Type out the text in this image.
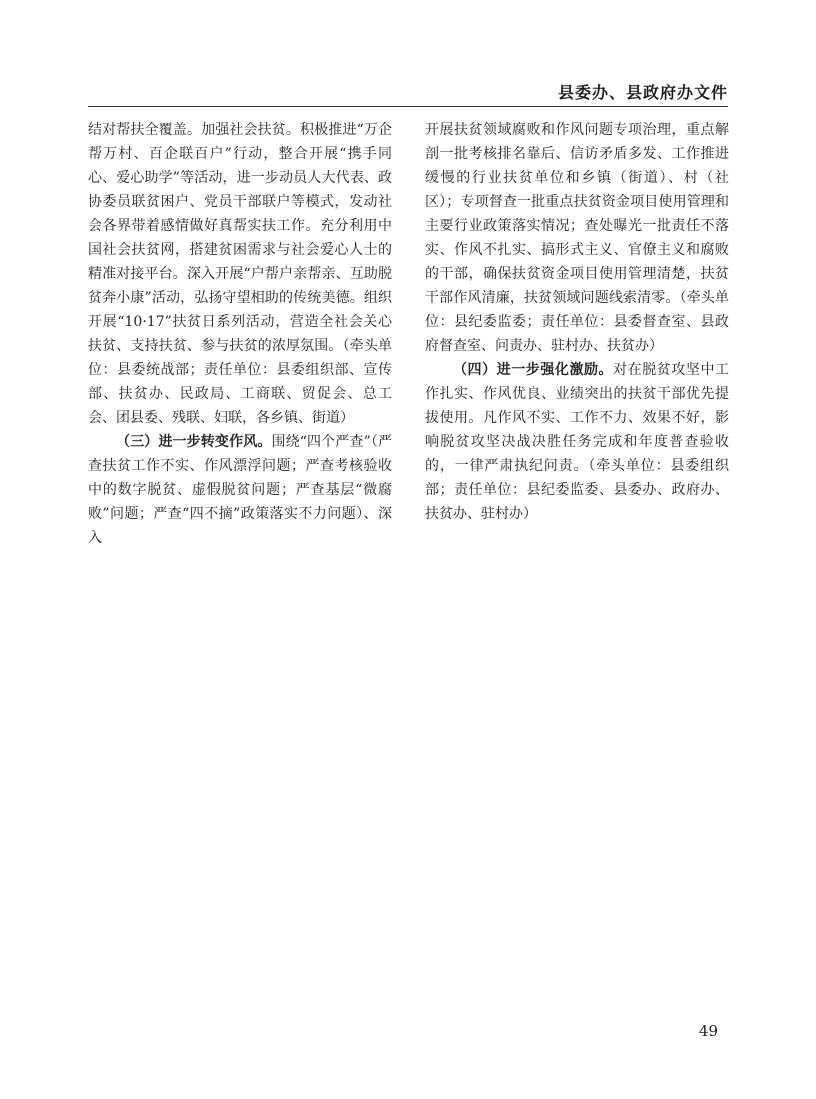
县委办、县政府办文件

结对帮扶全覆盖。加强社会扶贫。积极推进“万企帮万村、百企联百户”行动，整合开展“携手同心、爱心助学”等活动，进一步动员人大代表、政协委员联贫困户、党员干部联户等模式，发动社会各界带着感情做好真帮实扶工作。充分利用中国社会扶贫网，搭建贫困需求与社会爱心人士的精准对接平台。深入开展“户帮户亲帮亲、互助脱贫奔小康”活动，弘扬守望相助的传统美德。组织开展“10·17”扶贫日系列活动，营造全社会关心扶贫、支持扶贫、参与扶贫的浓厚氛围。（牵头单位：县委统战部；责任单位：县委组织部、宣传部、扶贫办、民政局、工商联、贸促会、总工会、团县委、残联、妇联，各乡镇、街道）

（三）进一步转变作风。围绕“四个严查”（严查扶贫工作不实、作风漂浮问题；严查考核验收中的数字脱贫、虚假脱贫问题；严查基层“微腐败”问题；严查“四不摘”政策落实不力问题）、深入

开展扶贫领域腐败和作风问题专项治理，重点解剖一批考核排名靠后、信访矛盾多发、工作推进缓慢的行业扶贫单位和乡镇（街道）、村（社区）；专项督查一批重点扶贫资金项目使用管理和主要行业政策落实情况；查处曝光一批责任不落实、作风不扎实、搞形式主义、官僚主义和腐败的干部，确保扶贫资金项目使用管理清楚，扶贫干部作风清廉，扶贫领域问题线索清零。（牵头单位：县纪委监委；责任单位：县委督查室、县政府督查室、问责办、驻村办、扶贫办）

（四）进一步强化激励。对在脱贫攻坚中工作扎实、作风优良、业绩突出的扶贫干部优先提拔使用。凡作风不实、工作不力、效果不好，影响脱贫攻坚决战决胜任务完成和年度普查验收的，一律严肃执纪问责。（牵头单位：县委组织部；责任单位：县纪委监委、县委办、政府办、扶贫办、驻村办）

49
